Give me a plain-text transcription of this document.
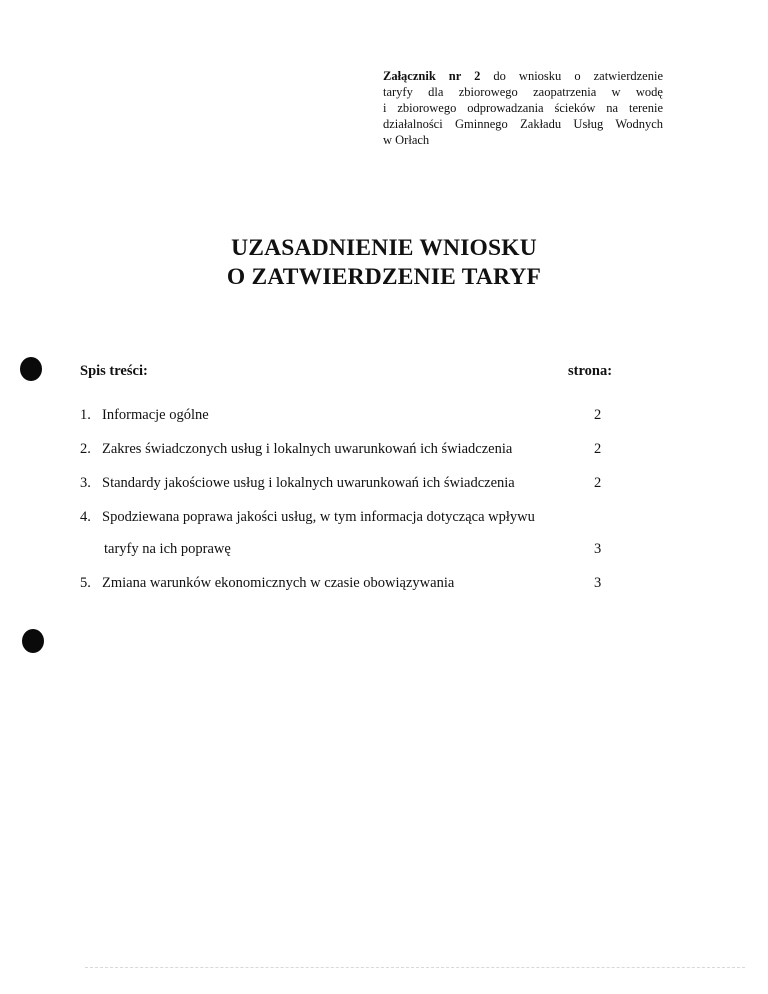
Załącznik nr 2 do wniosku o zatwierdzenie
taryfy dla zbiorowego zaopatrzenia w wodę
i zbiorowego odprowadzania ścieków na terenie
działalności Gminnego Zakładu Usług Wodnych
w Orłach
UZASADNIENIE WNIOSKU
O ZATWIERDZENIE TARYF
Spis treści:	strona:
1. Informacje ogólne	2
2. Zakres świadczonych usług i lokalnych uwarunkowań ich świadczenia	2
3. Standardy jakościowe usług i lokalnych uwarunkowań ich świadczenia	2
4. Spodziewana poprawa jakości usług, w tym informacja dotycząca wpływu
taryfy na ich poprawę	3
5. Zmiana warunków ekonomicznych w czasie obowiązywania	3
